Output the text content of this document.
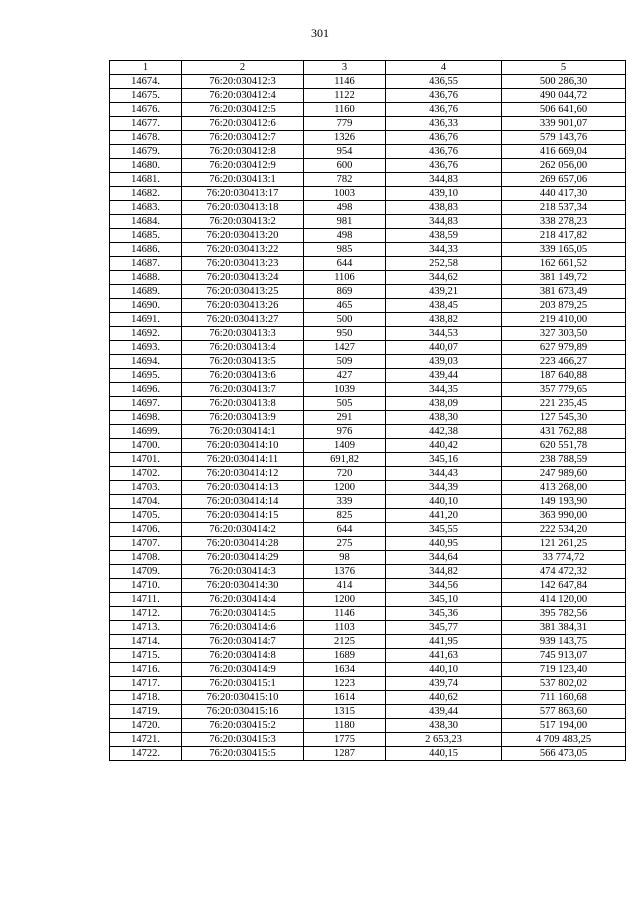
301
1	2	3	4	5
14674.	76:20:030412:3	1146	436,55	500 286,30
14675.	76:20:030412:4	1122	436,76	490 044,72
14676.	76:20:030412:5	1160	436,76	506 641,60
14677.	76:20:030412:6	779	436,33	339 901,07
14678.	76:20:030412:7	1326	436,76	579 143,76
14679.	76:20:030412:8	954	436,76	416 669,04
14680.	76:20:030412:9	600	436,76	262 056,00
14681.	76:20:030413:1	782	344,83	269 657,06
14682.	76:20:030413:17	1003	439,10	440 417,30
14683.	76:20:030413:18	498	438,83	218 537,34
14684.	76:20:030413:2	981	344,83	338 278,23
14685.	76:20:030413:20	498	438,59	218 417,82
14686.	76:20:030413:22	985	344,33	339 165,05
14687.	76:20:030413:23	644	252,58	162 661,52
14688.	76:20:030413:24	1106	344,62	381 149,72
14689.	76:20:030413:25	869	439,21	381 673,49
14690.	76:20:030413:26	465	438,45	203 879,25
14691.	76:20:030413:27	500	438,82	219 410,00
14692.	76:20:030413:3	950	344,53	327 303,50
14693.	76:20:030413:4	1427	440,07	627 979,89
14694.	76:20:030413:5	509	439,03	223 466,27
14695.	76:20:030413:6	427	439,44	187 640,88
14696.	76:20:030413:7	1039	344,35	357 779,65
14697.	76:20:030413:8	505	438,09	221 235,45
14698.	76:20:030413:9	291	438,30	127 545,30
14699.	76:20:030414:1	976	442,38	431 762,88
14700.	76:20:030414:10	1409	440,42	620 551,78
14701.	76:20:030414:11	691,82	345,16	238 788,59
14702.	76:20:030414:12	720	344,43	247 989,60
14703.	76:20:030414:13	1200	344,39	413 268,00
14704.	76:20:030414:14	339	440,10	149 193,90
14705.	76:20:030414:15	825	441,20	363 990,00
14706.	76:20:030414:2	644	345,55	222 534,20
14707.	76:20:030414:28	275	440,95	121 261,25
14708.	76:20:030414:29	98	344,64	33 774,72
14709.	76:20:030414:3	1376	344,82	474 472,32
14710.	76:20:030414:30	414	344,56	142 647,84
14711.	76:20:030414:4	1200	345,10	414 120,00
14712.	76:20:030414:5	1146	345,36	395 782,56
14713.	76:20:030414:6	1103	345,77	381 384,31
14714.	76:20:030414:7	2125	441,95	939 143,75
14715.	76:20:030414:8	1689	441,63	745 913,07
14716.	76:20:030414:9	1634	440,10	719 123,40
14717.	76:20:030415:1	1223	439,74	537 802,02
14718.	76:20:030415:10	1614	440,62	711 160,68
14719.	76:20:030415:16	1315	439,44	577 863,60
14720.	76:20:030415:2	1180	438,30	517 194,00
14721.	76:20:030415:3	1775	2 653,23	4 709 483,25
14722.	76:20:030415:5	1287	440,15	566 473,05
